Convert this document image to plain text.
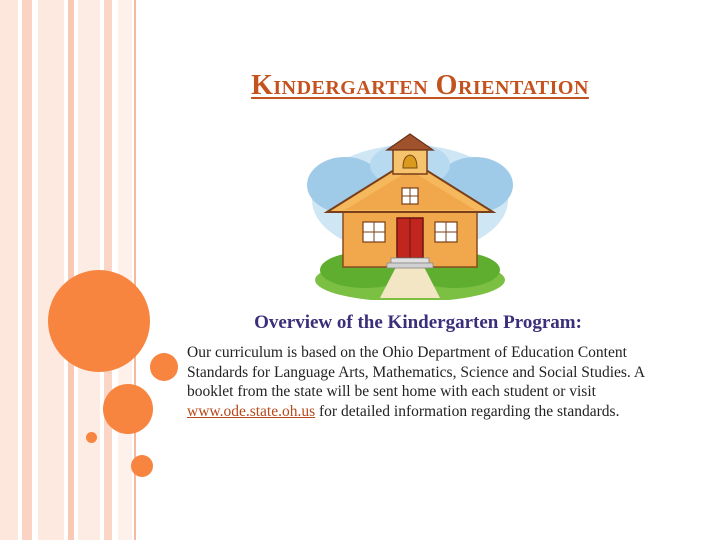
Kindergarten Orientation
Overview of the Kindergarten Program:
Our curriculum is based on the Ohio Department of Education Content Standards for Language Arts, Mathematics, Science and Social Studies. A booklet from the state will be sent home with each student or visit www.ode.state.oh.us for detailed information regarding the standards.
